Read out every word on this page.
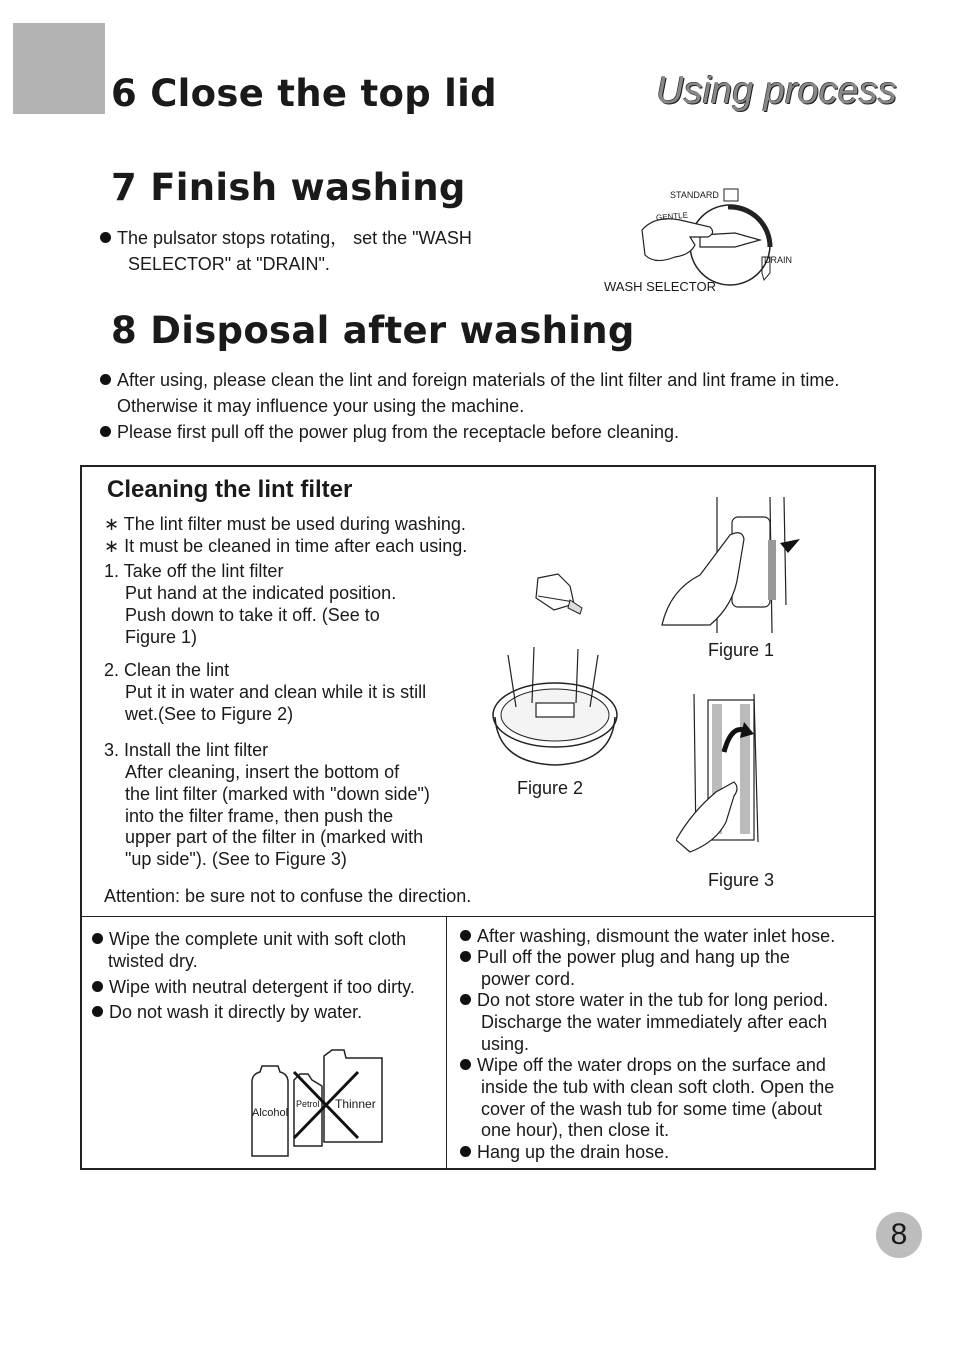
6 Close the top lid	Using process
7 Finish washing
The pulsator stops rotating， set the "WASH
SELECTOR" at "DRAIN".
STANDARD
GENTLE
DRAIN
WASH SELECTOR
8 Disposal after washing
After using, please clean the lint and foreign materials of the lint filter and lint frame in time.
Otherwise it may influence your using the machine.
Please first pull off the power plug from the receptacle before cleaning.
Cleaning the lint filter
∗ The lint filter must be used during washing.
∗ It must be cleaned in time after each using.
1. Take off the lint filter
Put hand at the indicated position.
Push down to take it off. (See to
Figure 1)
2. Clean the lint
Put it in water and clean while it is still
wet.(See to Figure 2)
3. Install the lint filter
After cleaning, insert the bottom of
the lint filter (marked with "down side")
into the filter frame, then push the
upper part of the filter in (marked with
"up side"). (See to Figure 3)
Attention: be sure not to confuse the direction.
Figure 1
Figure 2
Figure 3
Wipe the complete unit with soft cloth
twisted dry.
Wipe with neutral detergent if too dirty.
Do not wash it directly by water.
Alcohol
Petrol Thinner
After washing, dismount the water inlet hose.
Pull off the power plug and hang up the
power cord.
Do not store water in the tub for long period.
Discharge the water immediately after each
using.
Wipe off the water drops on the surface and
inside the tub with clean soft cloth. Open the
cover of the wash tub for some time (about
one hour), then close it.
Hang up the drain hose.
8
